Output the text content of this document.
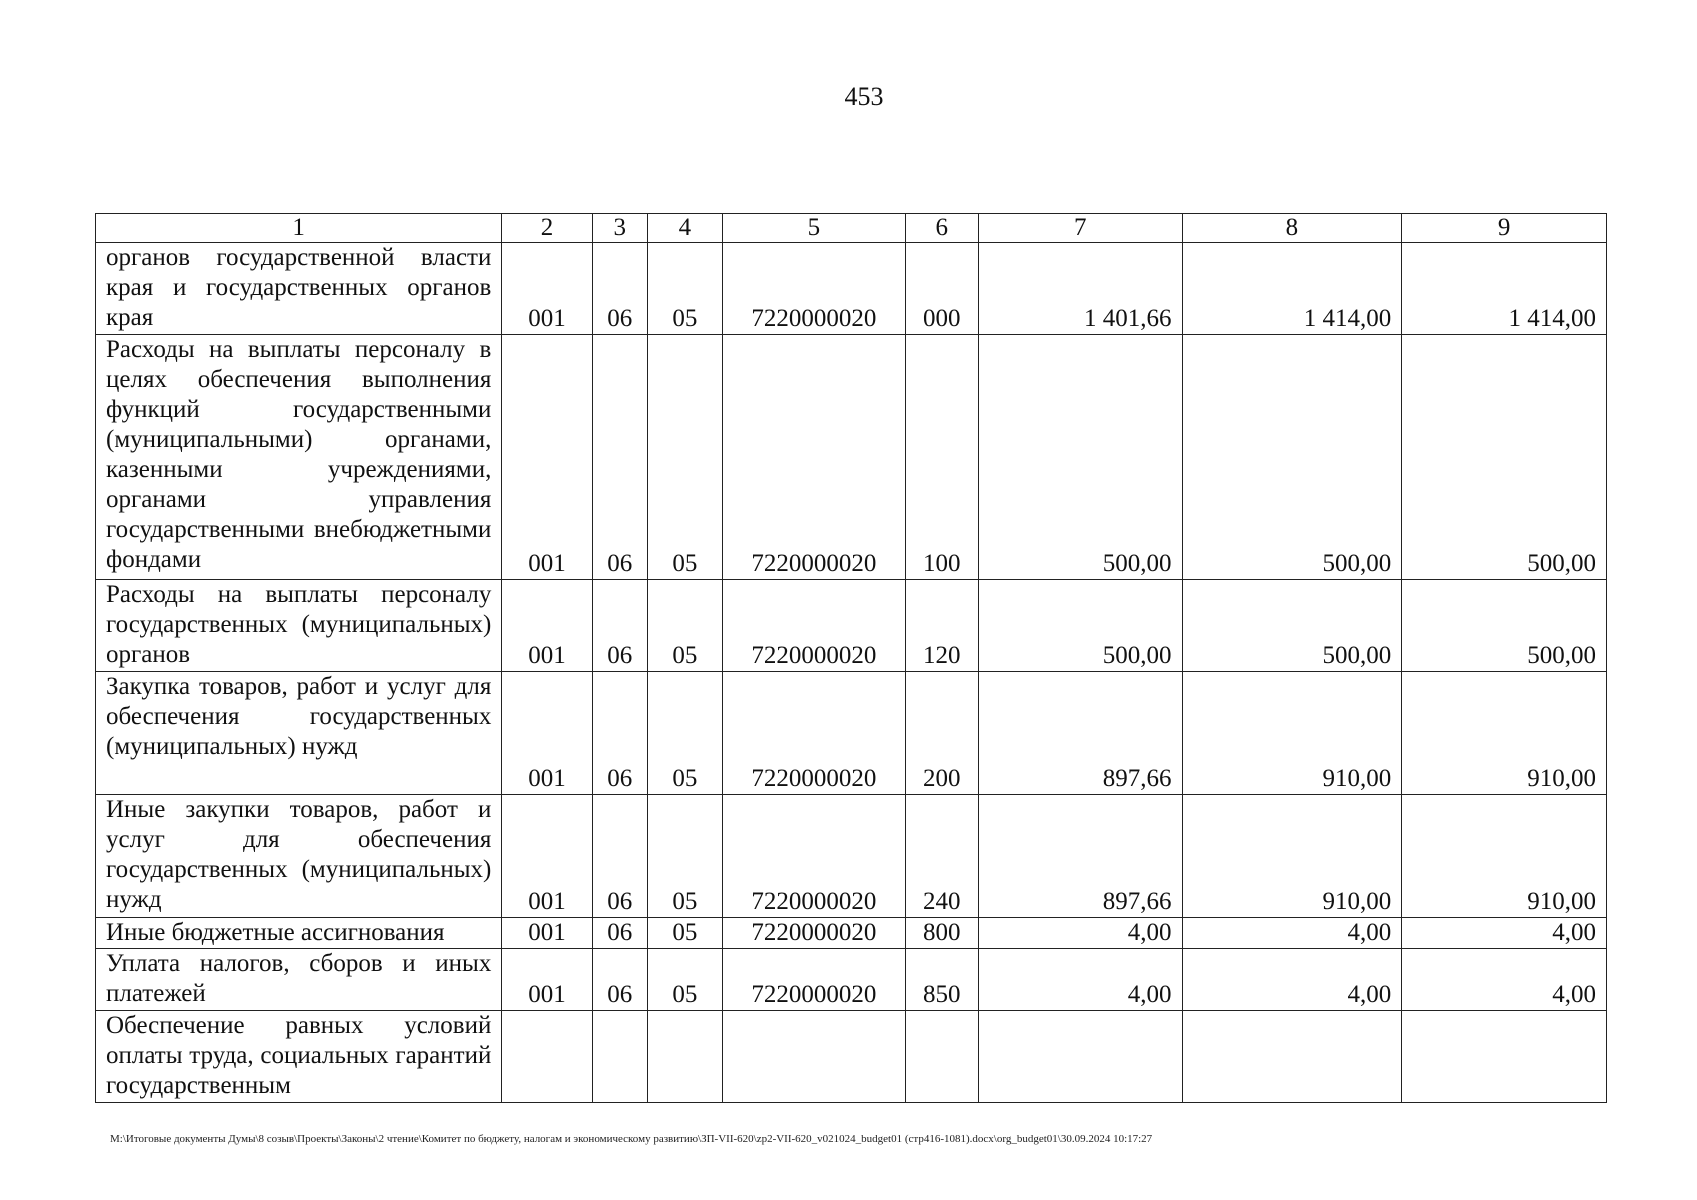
453
1	2	3	4	5	6	7	8	9
органов государственной власти края и государственных органов края	001	06	05	7220000020	000	1 401,66	1 414,00	1 414,00
Расходы на выплаты персоналу в целях обеспечения выполнения функций государственными (муниципальными) органами, казенными учреждениями, органами управления государственными внебюджетными фондами	001	06	05	7220000020	100	500,00	500,00	500,00
Расходы на выплаты персоналу государственных (муниципальных) органов	001	06	05	7220000020	120	500,00	500,00	500,00
Закупка товаров, работ и услуг для обеспечения государственных (муниципальных) нужд	001	06	05	7220000020	200	897,66	910,00	910,00
Иные закупки товаров, работ и услуг для обеспечения государственных (муниципальных) нужд	001	06	05	7220000020	240	897,66	910,00	910,00
Иные бюджетные ассигнования	001	06	05	7220000020	800	4,00	4,00	4,00
Уплата налогов, сборов и иных платежей	001	06	05	7220000020	850	4,00	4,00	4,00
Обеспечение равных условий оплаты труда, социальных гарантий государственным								
M:\Итоговые документы Думы\8 созыв\Проекты\Законы\2 чтение\Комитет по бюджету, налогам и экономическому развитию\ЗП-VII-620\zp2-VII-620_v021024_budget01 (стр416-1081).docx\org_budget01\30.09.2024 10:17:27
